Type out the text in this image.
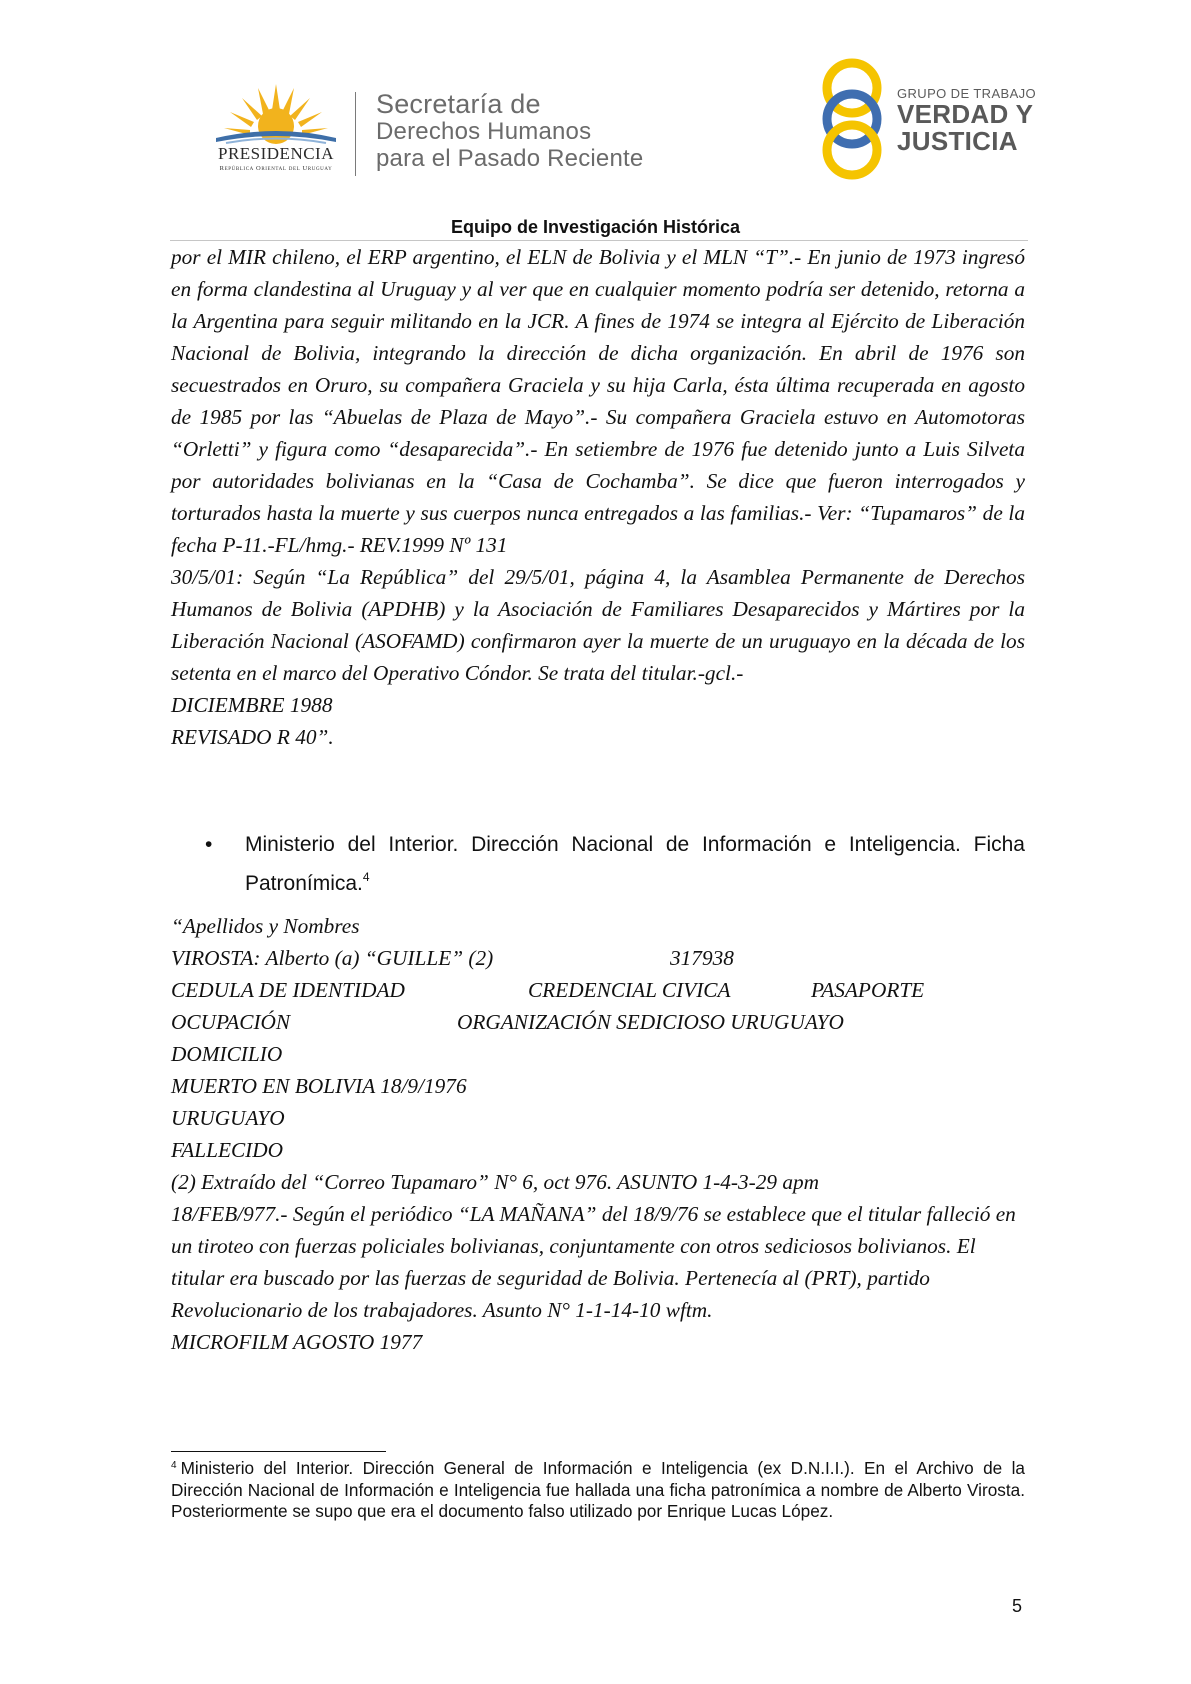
PRESIDENCIA
República Oriental del Uruguay
Secretaría de
Derechos Humanos
para el Pasado Reciente
GRUPO DE TRABAJO
VERDAD Y
JUSTICIA
Equipo de Investigación Histórica

por el MIR chileno, el ERP argentino, el ELN de Bolivia y el MLN “T”.- En junio de 1973 ingresó en forma clandestina al Uruguay y al ver que en cualquier momento podría ser detenido, retorna a la Argentina para seguir militando en la JCR. A fines de 1974 se integra al Ejército de Liberación Nacional de Bolivia, integrando la dirección de dicha organización. En abril de 1976 son secuestrados en Oruro, su compañera Graciela y su hija Carla, ésta última recuperada en agosto de 1985 por las “Abuelas de Plaza de Mayo”.- Su compañera Graciela estuvo en Automotoras “Orletti” y figura como “desaparecida”.- En setiembre de 1976 fue detenido junto a Luis Silveta por autoridades bolivianas en la “Casa de Cochamba”. Se dice que fueron interrogados y torturados hasta la muerte y sus cuerpos nunca entregados a las familias.- Ver: “Tupamaros” de la fecha P-11.-FL/hmg.- REV.1999 Nº 131

30/5/01: Según “La República” del 29/5/01, página 4, la Asamblea Permanente de Derechos Humanos de Bolivia (APDHB) y la Asociación de Familiares Desaparecidos y Mártires por la Liberación Nacional (ASOFAMD) confirmaron ayer la muerte de un uruguayo en la década de los setenta en el marco del Operativo Cóndor. Se trata del titular.-gcl.-

DICIEMBRE 1988

REVISADO R 40”.

• Ministerio del Interior. Dirección Nacional de Información e Inteligencia. Ficha Patronímica.$^4$
“Apellidos y Nombres
VIROSTA: Alberto (a) “GUILLE” (2)	317938
CEDULA DE IDENTIDAD	CREDENCIAL CIVICA	PASAPORTE
OCUPACIÓN	ORGANIZACIÓN SEDICIOSO URUGUAYO
DOMICILIO
MUERTO EN BOLIVIA 18/9/1976
URUGUAYO
FALLECIDO
(2) Extraído del “Correo Tupamaro” N° 6, oct 976. ASUNTO 1-4-3-29 apm

18/FEB/977.- Según el periódico “LA MAÑANA” del 18/9/76 se establece que el titular falleció en un tiroteo con fuerzas policiales bolivianas, conjuntamente con otros sediciosos bolivianos. El titular era buscado por las fuerzas de seguridad de Bolivia. Pertenecía al (PRT), partido Revolucionario de los trabajadores. Asunto N° 1-1-14-10 wftm.

MICROFILM AGOSTO 1977

$^4$ Ministerio del Interior. Dirección General de Información e Inteligencia (ex D.N.I.I.). En el Archivo de la Dirección Nacional de Información e Inteligencia fue hallada una ficha patronímica a nombre de Alberto Virosta. Posteriormente se supo que era el documento falso utilizado por Enrique Lucas López.
5
